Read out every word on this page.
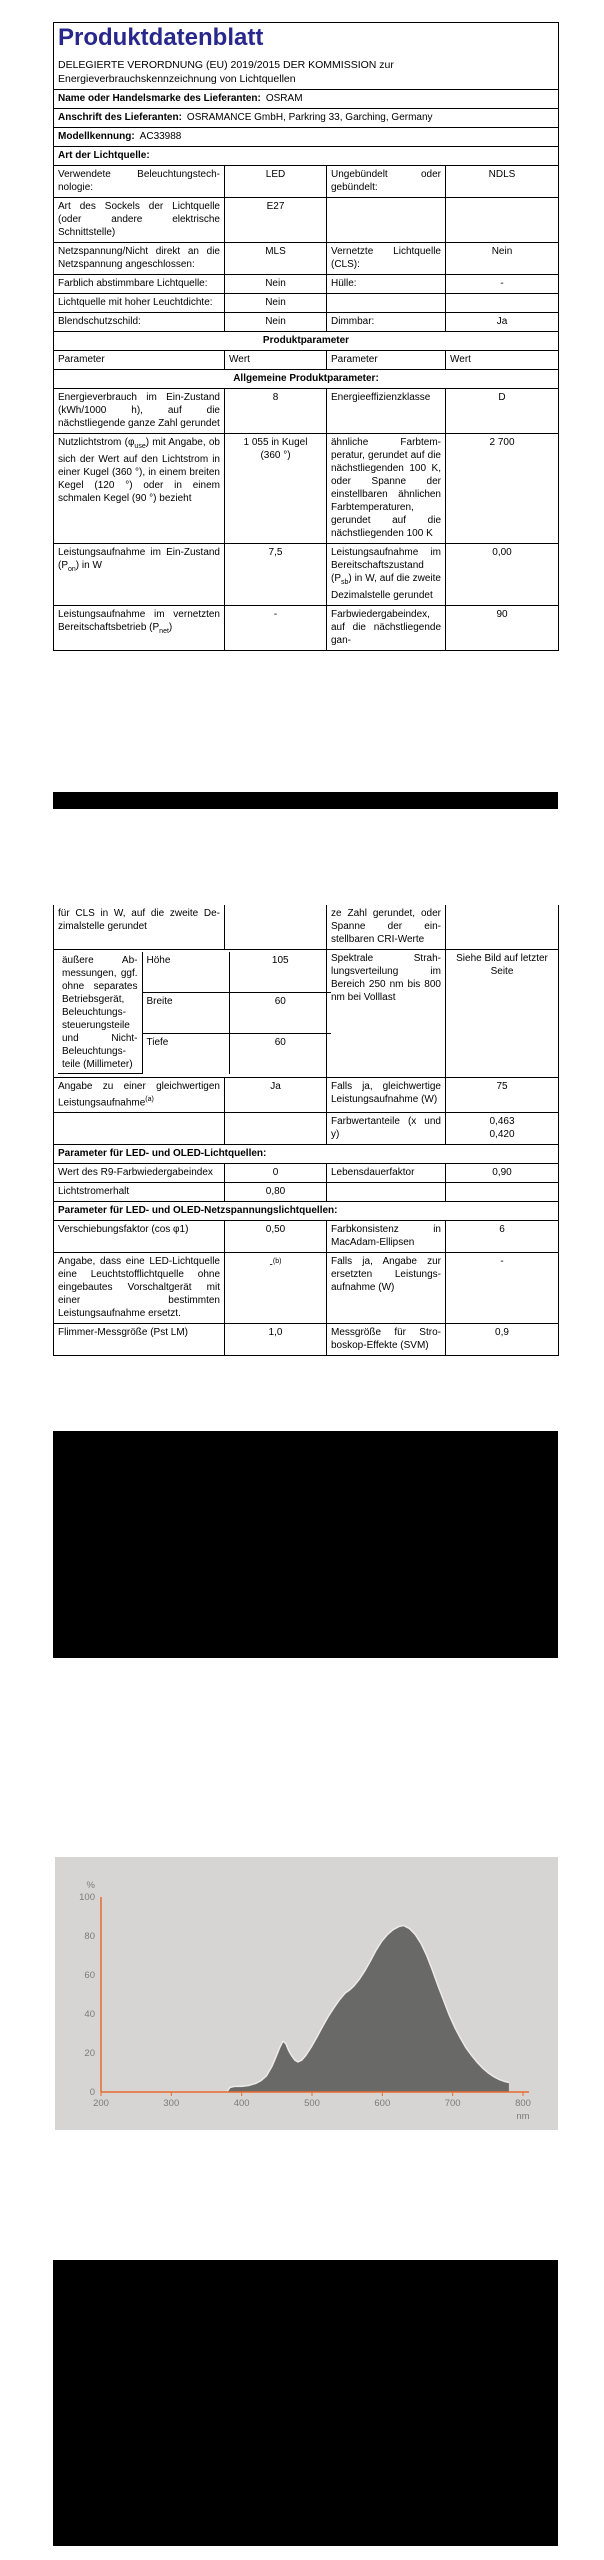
Produktdatenblatt
DELEGIERTE VERORDNUNG (EU) 2019/2015 DER KOMMISSION zur Energieverbrauchskennzeichnung von Lichtquellen			

Name oder Handelsmarke des Lieferanten: OSRAM			
Anschrift des Lieferanten: OSRAMANCE GmbH, Parkring 33, Garching, Germany			
Modellkennung: AC33988			
Art der Lichtquelle:			
Verwendete Beleuchtungstechnologie:	LED	Ungebündelt oder gebündelt:	NDLS
Art des Sockels der Lichtquelle (oder andere elektrische Schnittstelle)	E27		
Netzspannung/Nicht direkt an die Netzspannung angeschlossen:	MLS	Vernetzte Lichtquelle (CLS):	Nein
Farblich abstimmbare Lichtquelle:	Nein	Hülle:	-
Lichtquelle mit hoher Leuchtdichte:	Nein		
Blendschutzschild:	Nein	Dimmbar:	Ja
Produktparameter			
Parameter	Wert	Parameter	Wert
Allgemeine Produktparameter:			
Energieverbrauch im Ein-Zustand (kWh/1000 h), auf die nächstliegende ganze Zahl gerundet	8	Energieeffizienzklasse	D
Nutzlichtstrom $(\varphi_{use})$ mit Angabe, ob sich der Wert auf den Lichtstrom in einer Kugel (360 °), in einem breiten Kegel (120 °) oder in einem schmalen Kegel (90 °) bezieht	1 055 in Kugel (360 °)	ähnliche Farbtemperatur, gerundet auf die nächstliegenden 100 K, oder Spanne der einstellbaren ähnlichen Farbtemperaturen, gerundet auf die nächstliegenden 100 K	2 700
Leistungsaufnahme im Ein-Zustand $(P_{on})$ in W	7,5	Leistungsaufnahme im Bereitschaftszustand $(P_{sb})$ in W, auf die zweite Dezimalstelle gerundet	0,00
Leistungsaufnahme im vernetzten Bereitschaftsbetrieb $(P_{net})$	-	Farbwiedergabeindex, auf die nächstliegende gan-	90
für CLS in W, auf die zweite Dezimalstelle gerundet		ze Zahl gerundet, oder Spanne der einstellbaren CRI-Werte	

äußere Abmessungen, ggf. ohne separates Betriebsgerät, Beleuchtungssteuerungsteile und Nicht-Beleuchtungsteile (Millimeter)	Höhe	105
Breite	60
Tiefe	60
	Spektrale Strahlungsverteilung im Bereich 250 nm bis 800 nm bei Volllast	Siehe Bild auf letzter Seite
Angabe zu einer gleichwertigen Leistungsaufnahme$^{(a)}$	Ja	Falls ja, gleichwertige Leistungsaufnahme (W)	75
		Farbwertanteile (x und y)	0,463
0,420
Parameter für LED- und OLED-Lichtquellen:
Wert des R9-Farbwiedergabeindex	0	Lebensdauerfaktor	0,90
Lichtstromerhalt	0,80		
Parameter für LED- und OLED-Netzspannungslichtquellen:
Verschiebungsfaktor (cos φ1)	0,50	Farbkonsistenz in MacAdam-Ellipsen	6
Angabe, dass eine LED-Lichtquelle eine Leuchtstofflichtquelle ohne eingebautes Vorschaltgerät mit einer bestimmten Leistungsaufnahme ersetzt.	-$^{(b)}$	Falls ja, Angabe zur ersetzten Leistungsaufnahme (W)	-
Flimmer-Messgröße (Pst LM)	1,0	Messgröße für Stroboskop-Effekte (SVM)	0,9
200	300	400	500	600	700	800
0
20
40
60
80
100
%
nm
